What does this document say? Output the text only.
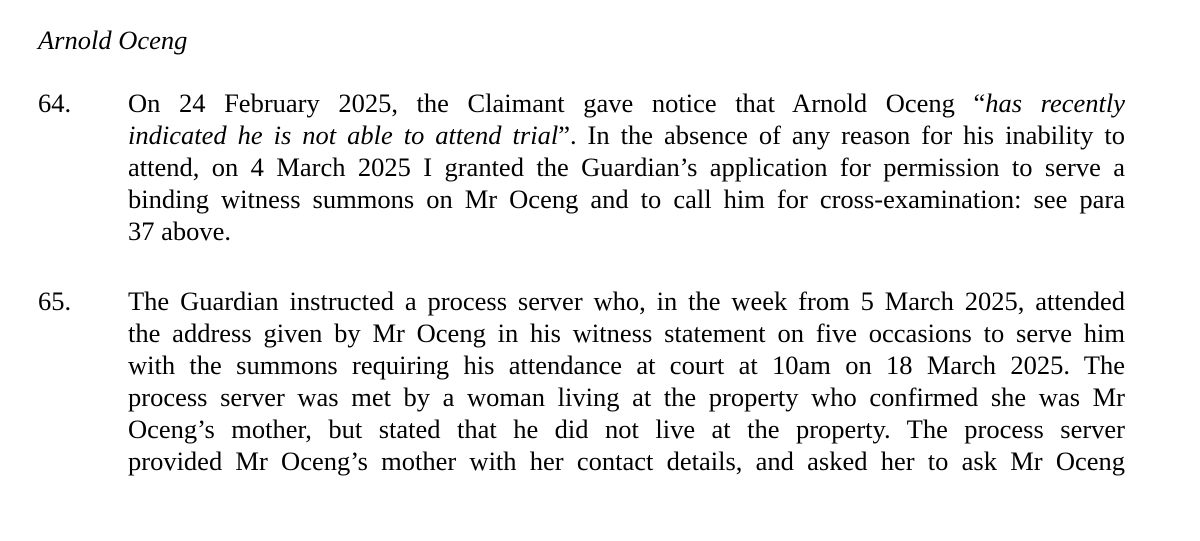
Arnold Oceng
64. On 24 February 2025, the Claimant gave notice that Arnold Oceng “has recently
indicated he is not able to attend trial”. In the absence of any reason for his inability to
attend, on 4 March 2025 I granted the Guardian’s application for permission to serve a
binding witness summons on Mr Oceng and to call him for cross-examination: see para
37 above.
65. The Guardian instructed a process server who, in the week from 5 March 2025, attended
the address given by Mr Oceng in his witness statement on five occasions to serve him
with the summons requiring his attendance at court at 10am on 18 March 2025. The
process server was met by a woman living at the property who confirmed she was Mr
Oceng’s mother, but stated that he did not live at the property. The process server
provided Mr Oceng’s mother with her contact details, and asked her to ask Mr Oceng
